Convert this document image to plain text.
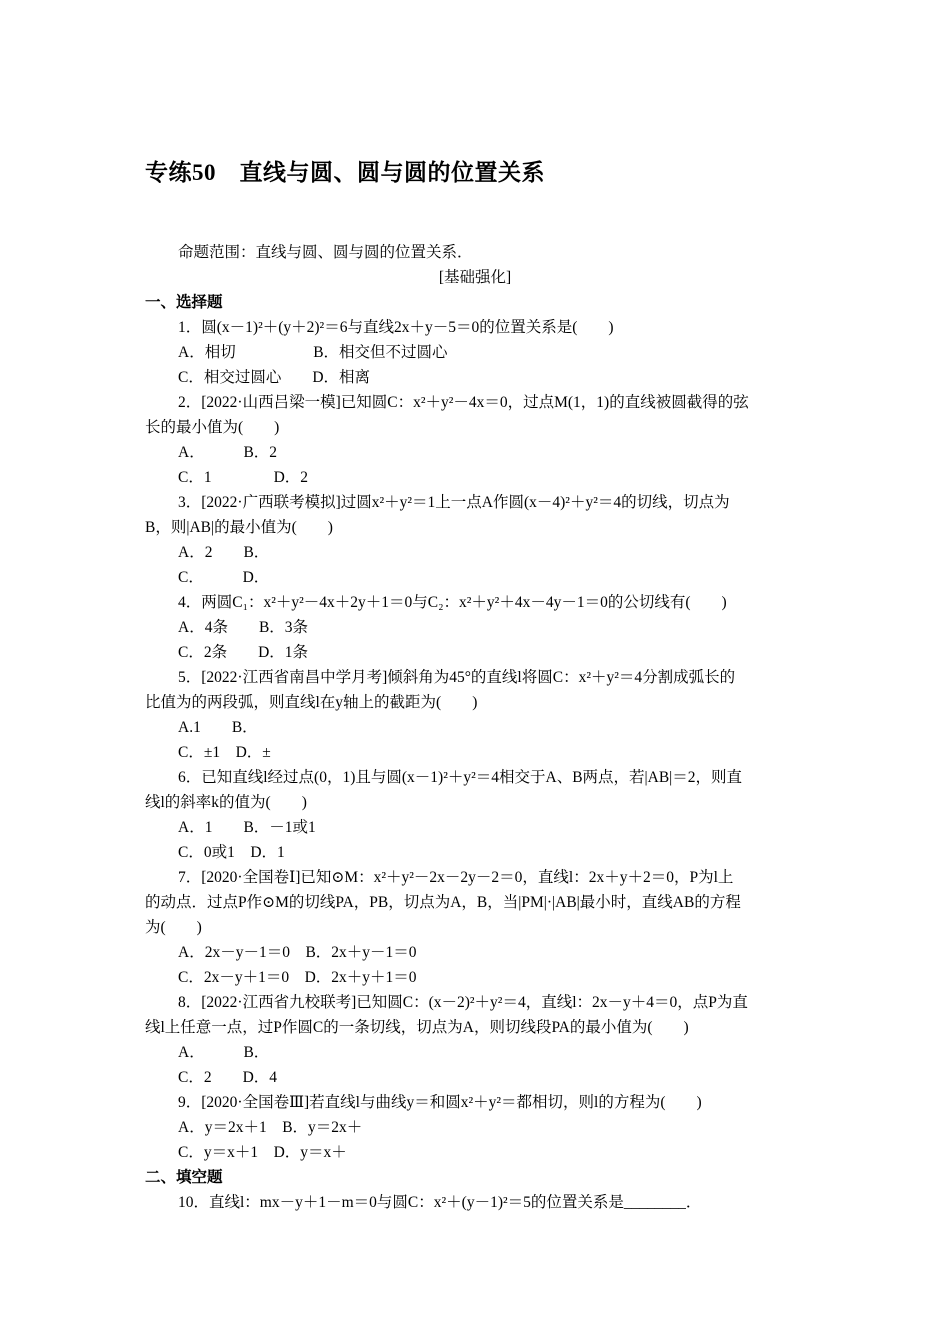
专练50　直线与圆、圆与圆的位置关系
命题范围：直线与圆、圆与圆的位置关系．
[基础强化]
一、选择题
1．圆(x－1)²＋(y＋2)²＝6与直线2x＋y－5＝0的位置关系是(　　)
A．相切　　　　　B．相交但不过圆心
C．相交过圆心　　D．相离
2．[2022·山西吕梁一模]已知圆C：x²＋y²－4x＝0，过点M(1，1)的直线被圆截得的弦
长的最小值为(　　)
A．　　　B．2
C．1　　　　D．2
3．[2022·广西联考模拟]过圆x²＋y²＝1上一点A作圆(x－4)²＋y²＝4的切线，切点为
B，则|AB|的最小值为(　　)
A．2　　B．
C．　　　D．
4．两圆C₁：x²＋y²－4x＋2y＋1＝0与C₂：x²＋y²＋4x－4y－1＝0的公切线有(　　)
A．4条　　B．3条
C．2条　　D．1条
5．[2022·江西省南昌中学月考]倾斜角为45°的直线l将圆C：x²＋y²＝4分割成弧长的
比值为的两段弧，则直线l在y轴上的截距为(　　)
A.1　　B．
C．±1　D．±
6．已知直线l经过点(0，1)且与圆(x－1)²＋y²＝4相交于A、B两点，若|AB|＝2，则直
线l的斜率k的值为(　　)
A．1　　B．－1或1
C．0或1　D．1
7．[2020·全国卷Ⅰ]已知⊙M：x²＋y²－2x－2y－2＝0，直线l：2x＋y＋2＝0，P为l上
的动点．过点P作⊙M的切线PA，PB，切点为A，B，当|PM|·|AB|最小时，直线AB的方程
为(　　)
A．2x－y－1＝0　B．2x＋y－1＝0
C．2x－y＋1＝0　D．2x＋y＋1＝0
8．[2022·江西省九校联考]已知圆C：(x－2)²＋y²＝4，直线l：2x－y＋4＝0，点P为直
线l上任意一点，过P作圆C的一条切线，切点为A，则切线段PA的最小值为(　　)
A．　　　B．
C．2　　D．4
9．[2020·全国卷Ⅲ]若直线l与曲线y＝和圆x²＋y²＝都相切，则l的方程为(　　)
A．y＝2x＋1　B．y＝2x＋
C．y＝x＋1　D．y＝x＋
二、填空题
10．直线l：mx－y＋1－m＝0与圆C：x²＋(y－1)²＝5的位置关系是________．
